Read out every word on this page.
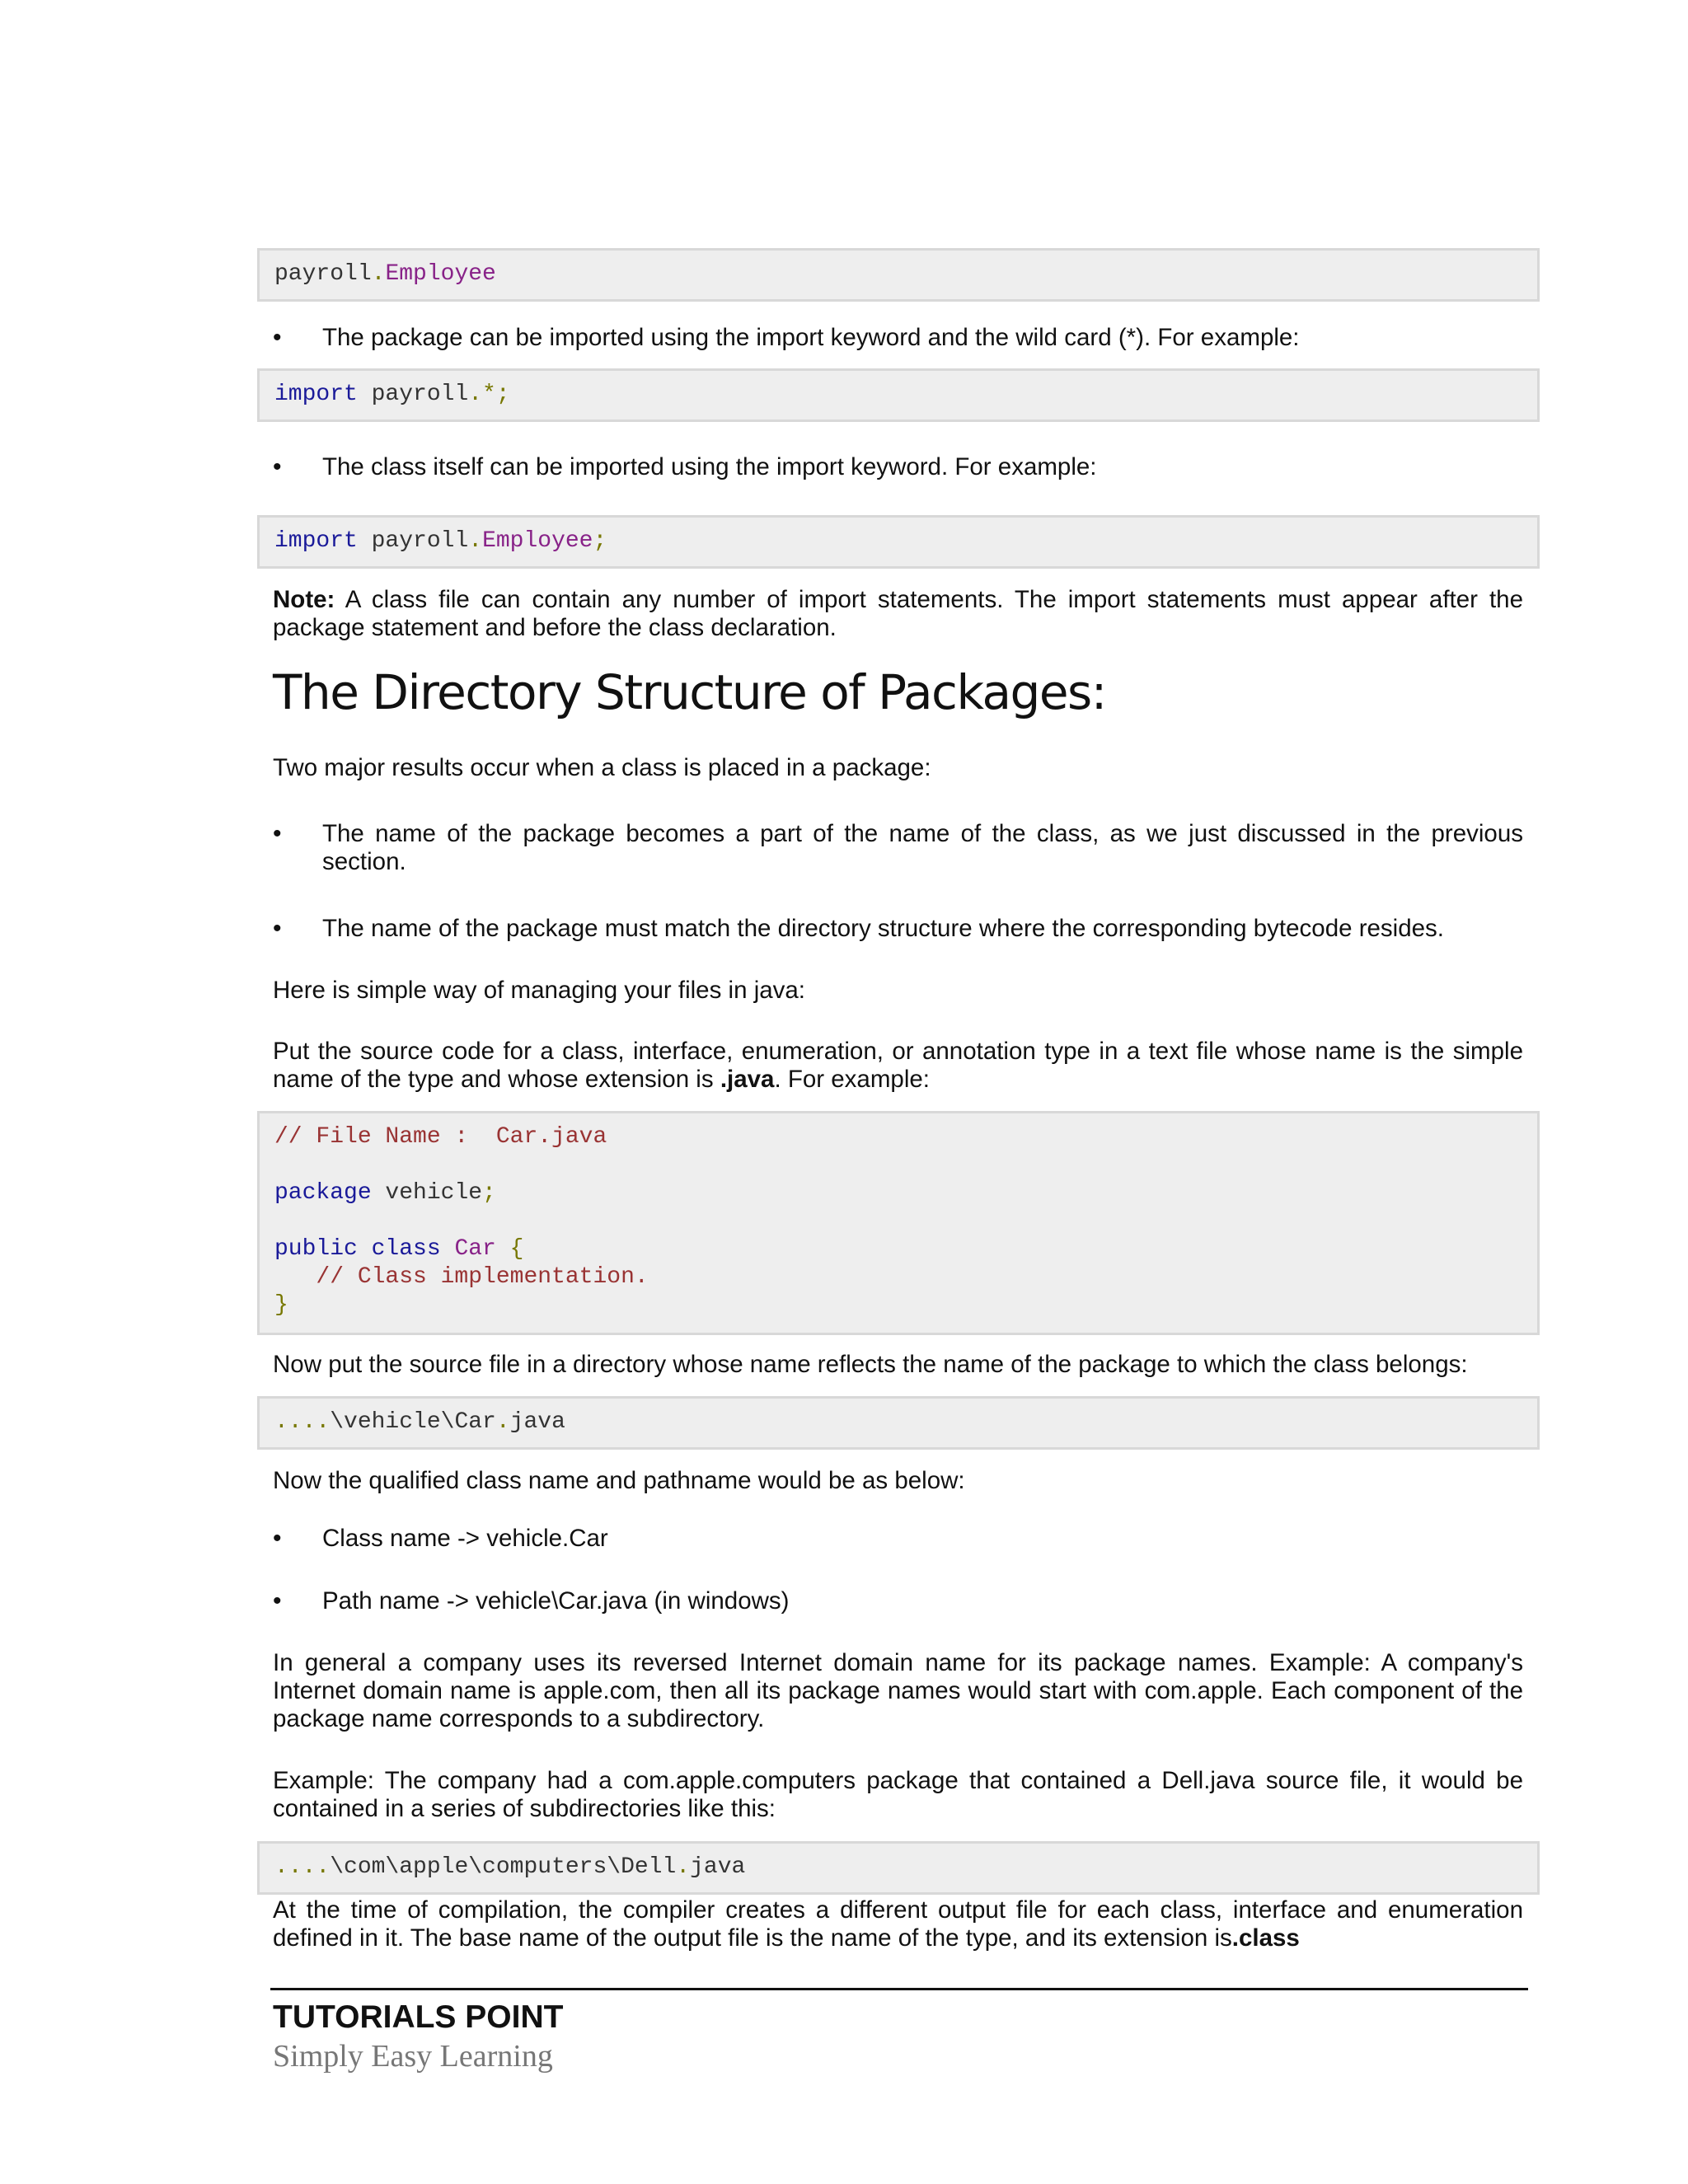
payroll.Employee
•	The package can be imported using the import keyword and the wild card (*). For example:
import payroll.*;
•	The class itself can be imported using the import keyword. For example:
import payroll.Employee;
Note: A class file can contain any number of import statements. The import statements must appear after the package statement and before the class declaration.
The Directory Structure of Packages:
Two major results occur when a class is placed in a package:
•	The name of the package becomes a part of the name of the class, as we just discussed in the previous section.
•	The name of the package must match the directory structure where the corresponding bytecode resides.
Here is simple way of managing your files in java:
Put the source code for a class, interface, enumeration, or annotation type in a text file whose name is the simple name of the type and whose extension is .java. For example:
// File Name :  Car.java
package vehicle;
public class Car {
// Class implementation.
}
Now put the source file in a directory whose name reflects the name of the package to which the class belongs:
....\vehicle\Car.java
Now the qualified class name and pathname would be as below:
•	Class name -> vehicle.Car
•	Path name -> vehicle\Car.java (in windows)
In general a company uses its reversed Internet domain name for its package names. Example: A company's Internet domain name is apple.com, then all its package names would start with com.apple. Each component of the package name corresponds to a subdirectory.
Example: The company had a com.apple.computers package that contained a Dell.java source file, it would be contained in a series of subdirectories like this:
....\com\apple\computers\Dell.java
At the time of compilation, the compiler creates a different output file for each class, interface and enumeration defined in it. The base name of the output file is the name of the type, and its extension is.class
TUTORIALS POINT
Simply Easy Learning
